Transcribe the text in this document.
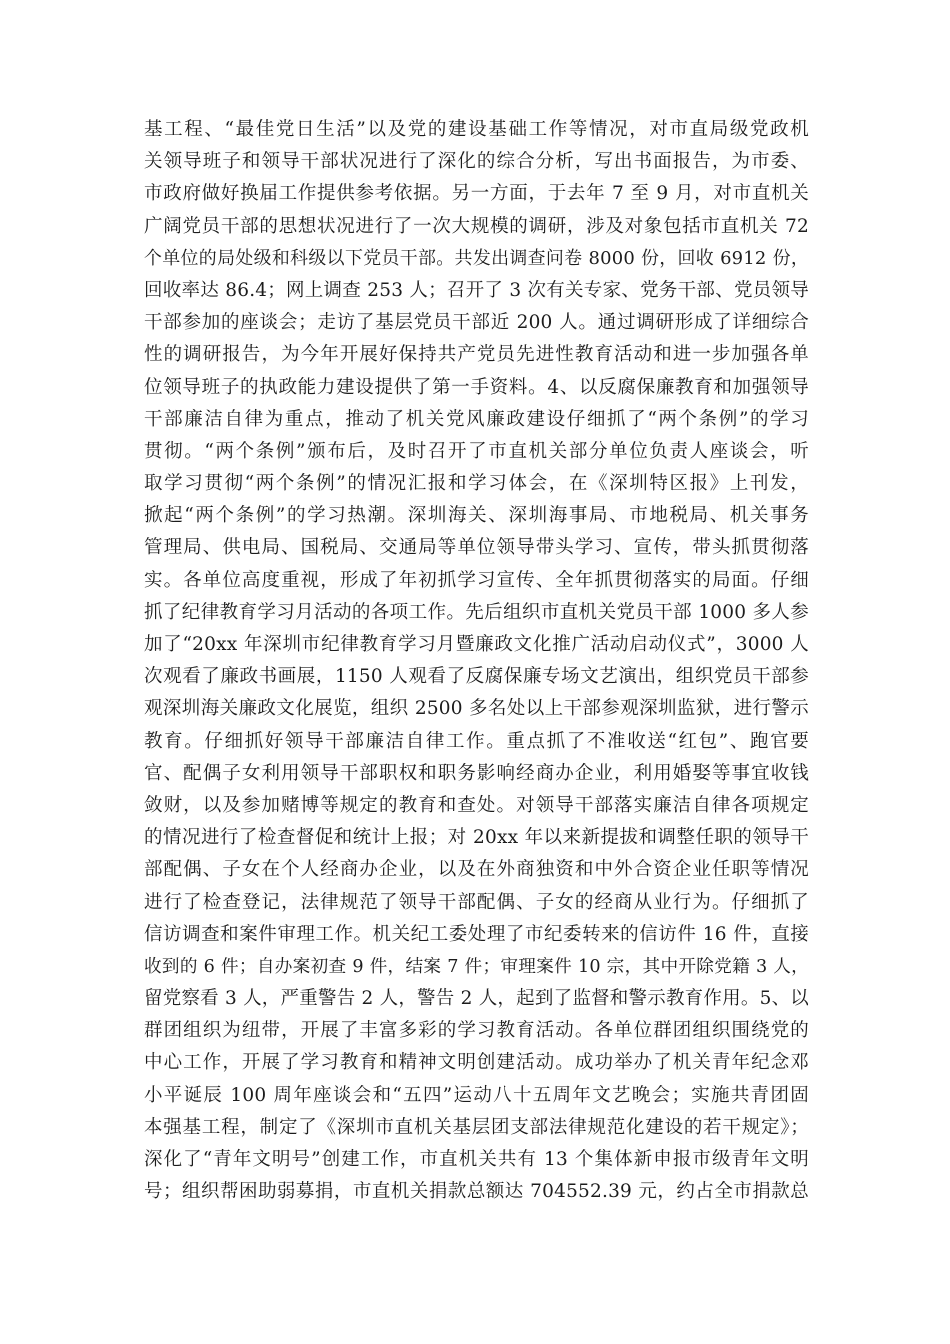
基工程、“最佳党日生活”以及党的建设基础工作等情况，对市直局级党政机
关领导班子和领导干部状况进行了深化的综合分析，写出书面报告，为市委、
市政府做好换届工作提供参考依据。另一方面，于去年 7 至 9 月，对市直机关
广阔党员干部的思想状况进行了一次大规模的调研，涉及对象包括市直机关 72
个单位的局处级和科级以下党员干部。共发出调查问卷 8000 份，回收 6912 份，
回收率达 86.4；网上调查 253 人；召开了 3 次有关专家、党务干部、党员领导
干部参加的座谈会；走访了基层党员干部近 200 人。通过调研形成了详细综合
性的调研报告，为今年开展好保持共产党员先进性教育活动和进一步加强各单
位领导班子的执政能力建设提供了第一手资料。4、以反腐保廉教育和加强领导
干部廉洁自律为重点，推动了机关党风廉政建设仔细抓了“两个条例”的学习
贯彻。“两个条例”颁布后，及时召开了市直机关部分单位负责人座谈会，听
取学习贯彻“两个条例”的情况汇报和学习体会，在《深圳特区报》上刊发，
掀起“两个条例”的学习热潮。深圳海关、深圳海事局、市地税局、机关事务
管理局、供电局、国税局、交通局等单位领导带头学习、宣传，带头抓贯彻落
实。各单位高度重视，形成了年初抓学习宣传、全年抓贯彻落实的局面。仔细
抓了纪律教育学习月活动的各项工作。先后组织市直机关党员干部 1000 多人参
加了“20xx 年深圳市纪律教育学习月暨廉政文化推广活动启动仪式”，3000 人
次观看了廉政书画展，1150 人观看了反腐保廉专场文艺演出，组织党员干部参
观深圳海关廉政文化展览，组织 2500 多名处以上干部参观深圳监狱，进行警示
教育。仔细抓好领导干部廉洁自律工作。重点抓了不准收送“红包”、跑官要
官、配偶子女利用领导干部职权和职务影响经商办企业，利用婚娶等事宜收钱
敛财，以及参加赌博等规定的教育和查处。对领导干部落实廉洁自律各项规定
的情况进行了检查督促和统计上报；对 20xx 年以来新提拔和调整任职的领导干
部配偶、子女在个人经商办企业，以及在外商独资和中外合资企业任职等情况
进行了检查登记，法律规范了领导干部配偶、子女的经商从业行为。仔细抓了
信访调查和案件审理工作。机关纪工委处理了市纪委转来的信访件 16 件，直接
收到的 6 件；自办案初查 9 件，结案 7 件；审理案件 10 宗，其中开除党籍 3 人，
留党察看 3 人，严重警告 2 人，警告 2 人，起到了监督和警示教育作用。5、以
群团组织为纽带，开展了丰富多彩的学习教育活动。各单位群团组织围绕党的
中心工作，开展了学习教育和精神文明创建活动。成功举办了机关青年纪念邓
小平诞辰 100 周年座谈会和“五四”运动八十五周年文艺晚会；实施共青团固
本强基工程，制定了《深圳市直机关基层团支部法律规范化建设的若干规定》；
深化了“青年文明号”创建工作，市直机关共有 13 个集体新申报市级青年文明
号；组织帮困助弱募捐，市直机关捐款总额达 704552.39 元，约占全市捐款总
